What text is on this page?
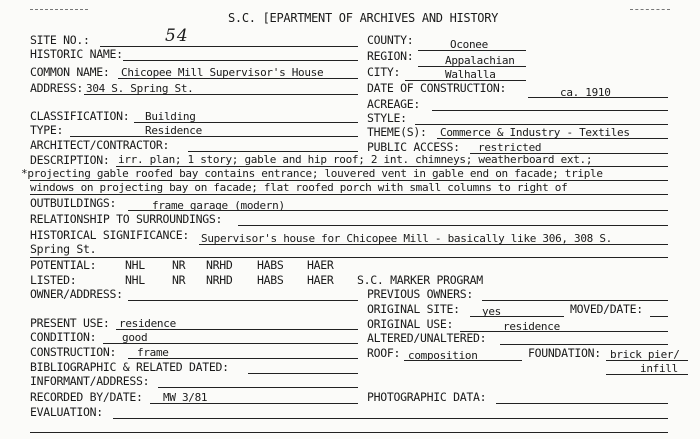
S.C. [EPARTMENT OF ARCHIVES AND HISTORY
SITE NO.:	54
HISTORIC NAME:
COMMON NAME: Chicopee Mill Supervisor's House
ADDRESS: 304 S. Spring St.
CLASSIFICATION: Building
TYPE:	Residence
ARCHITECT/CONTRACTOR:
COUNTY:	Oconee
REGION:	Appalachian
CITY:	Walhalla
DATE OF CONSTRUCTION:	ca. 1910
ACREAGE:
STYLE:
THEME(S): Commerce & Industry - Textiles
PUBLIC ACCESS: restricted
DESCRIPTION: irr. plan; 1 story; gable and hip roof; 2 int. chimneys; weatherboard ext.;
*projecting gable roofed bay contains entrance; louvered vent in gable end on facade; triple
windows on projecting bay on facade; flat roofed porch with small columns to right of
OUTBUILDINGS:	frame garage (modern)
RELATIONSHIP TO SURROUNDINGS:
HISTORICAL SIGNIFICANCE: Supervisor's house for Chicopee Mill - basically like 306, 308 S.
Spring St.
POTENTIAL:	NHL NR NRHD HABS HAER
LISTED:	NHL NR NRHD HABS HAER S.C. MARKER PROGRAM
OWNER/ADDRESS:
PRESENT USE: residence
CONDITION: good
CONSTRUCTION: frame
BIBLIOGRAPHIC & RELATED DATED:
INFORMANT/ADDRESS:
RECORDED BY/DATE: MW 3/81
EVALUATION:
PREVIOUS OWNERS:
ORIGINAL SITE: yes	MOVED/DATE:
ORIGINAL USE:	residence
ALTERED/UNALTERED:
ROOF: composition	FOUNDATION: brick pier/
infill
PHOTOGRAPHIC DATA:
